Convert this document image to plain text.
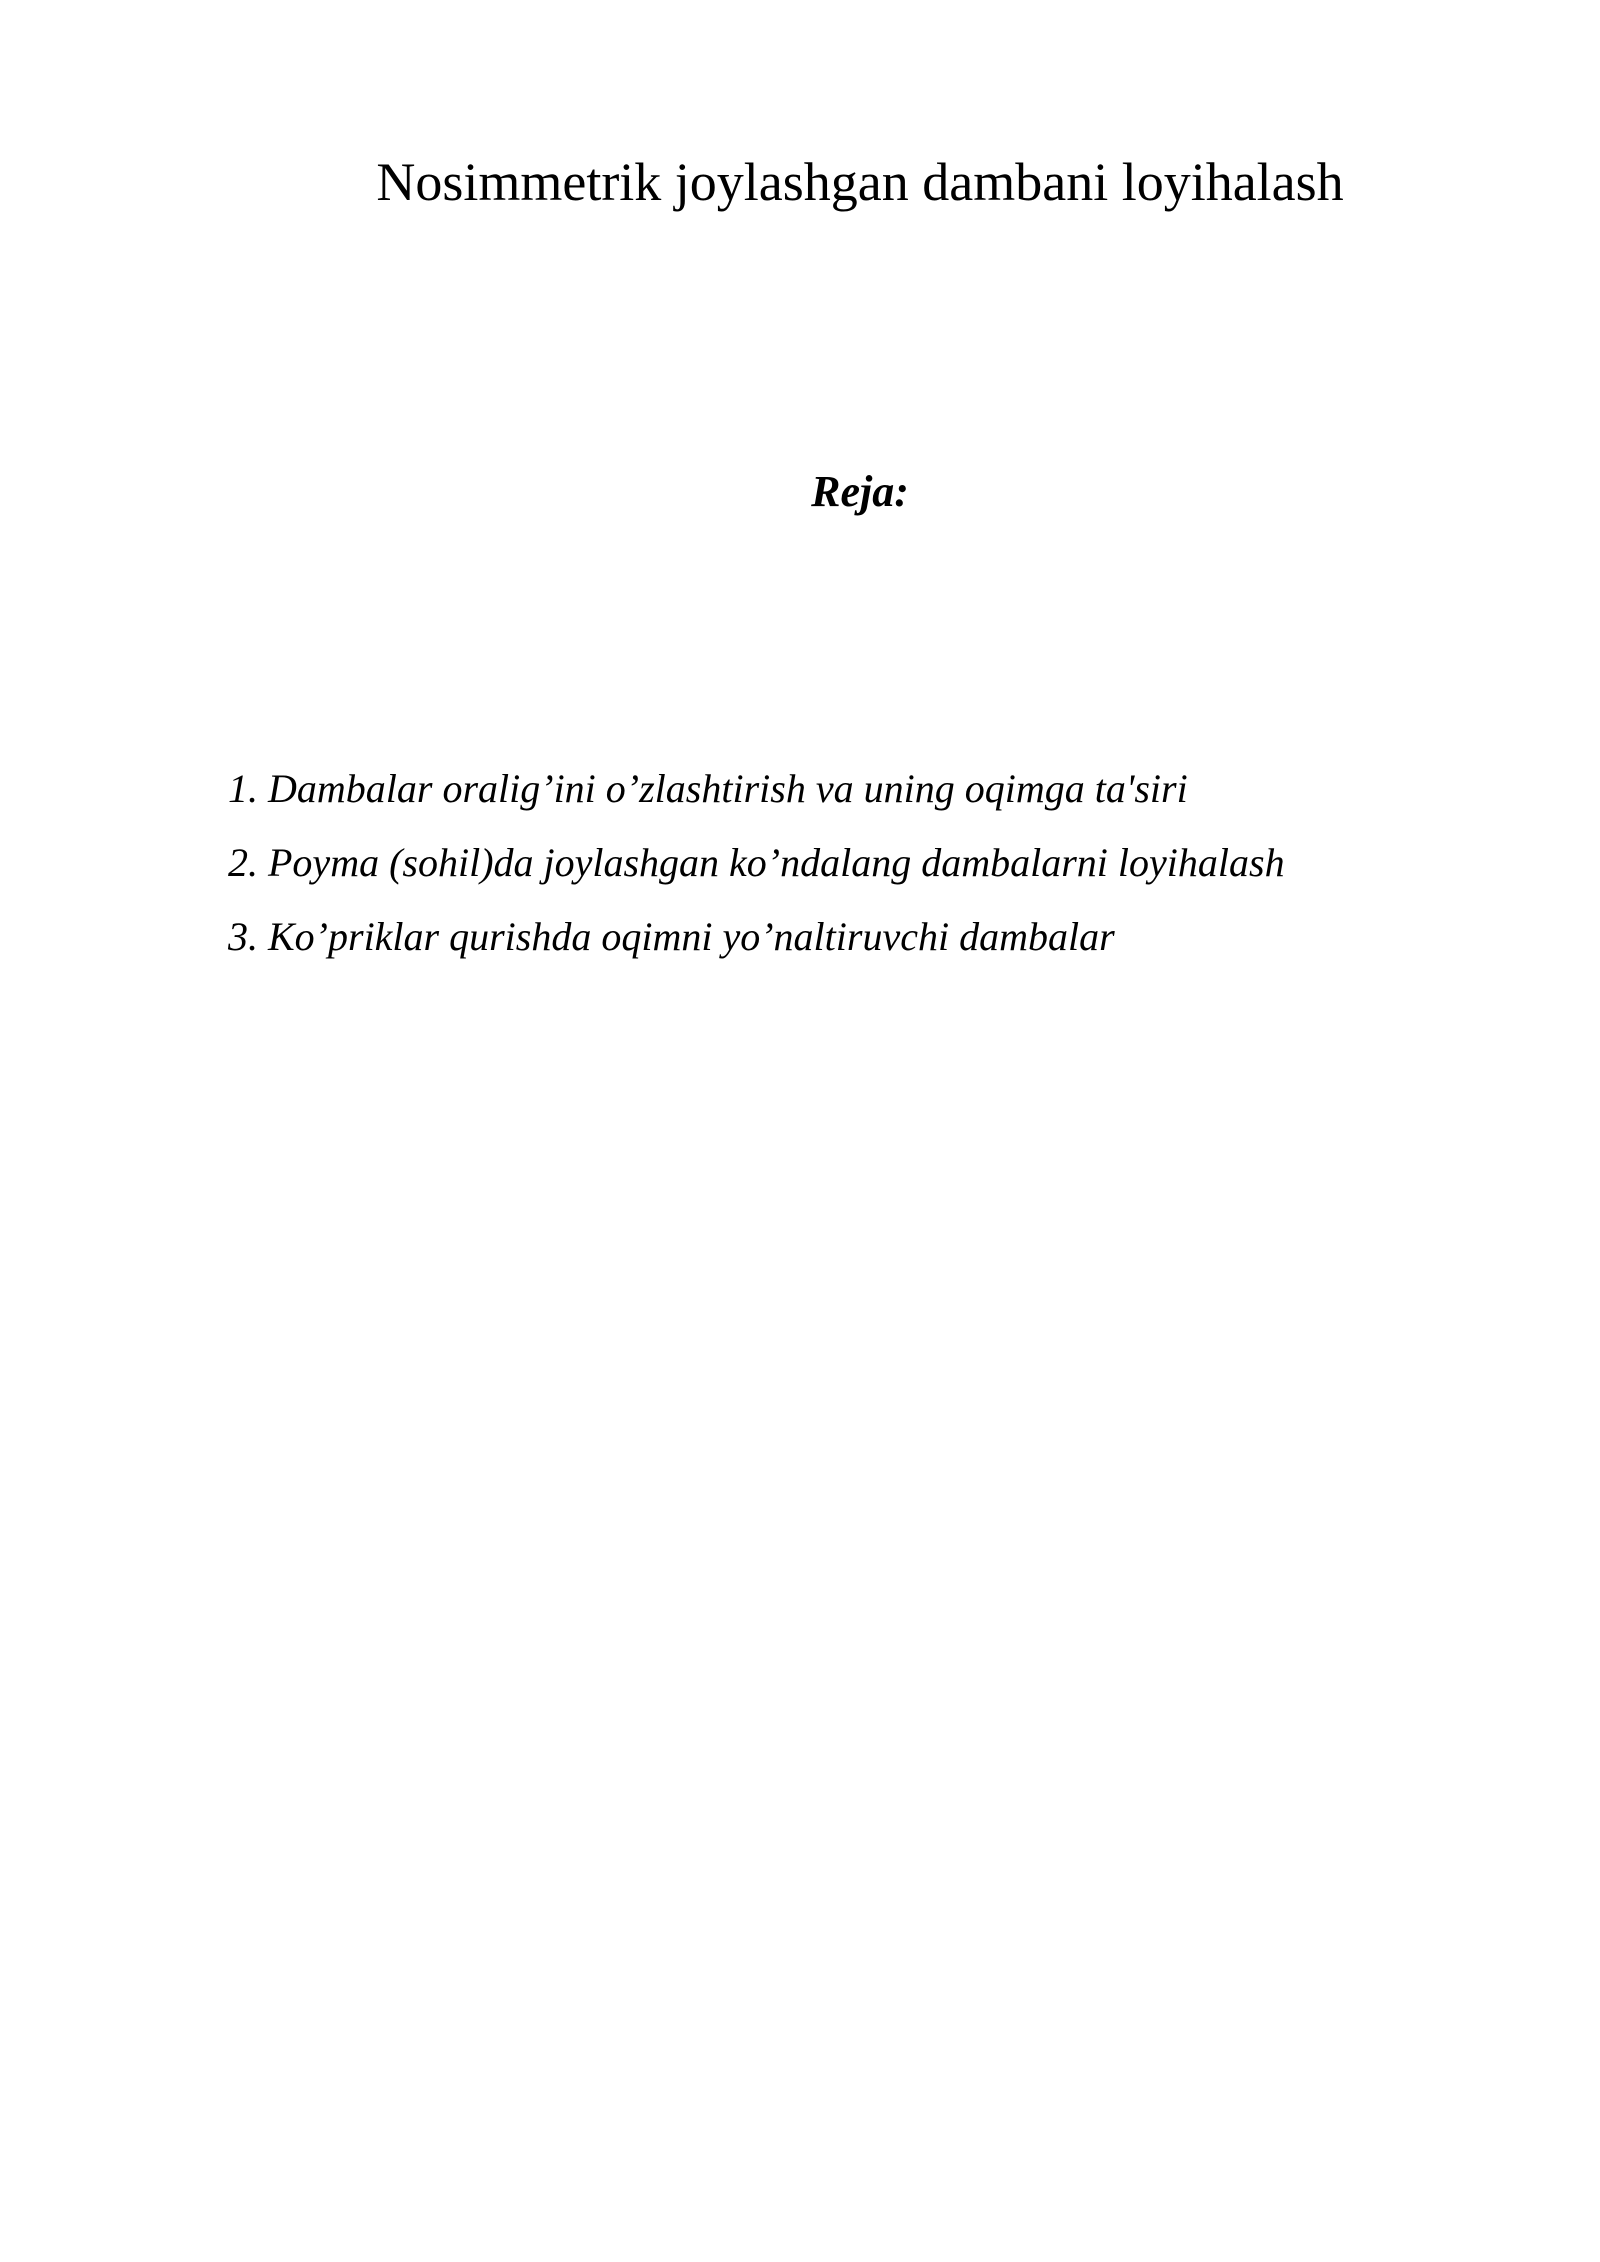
Nosimmetrik joylashgan dambani loyihalash
Reja:
1. Dambalar oralig’ini o’zlashtirish va uning oqimga ta'siri
2. Poyma (sohil)da joylashgan ko’ndalang dambalarni loyihalash
3. Ko’priklar qurishda oqimni yo’naltiruvchi dambalar
